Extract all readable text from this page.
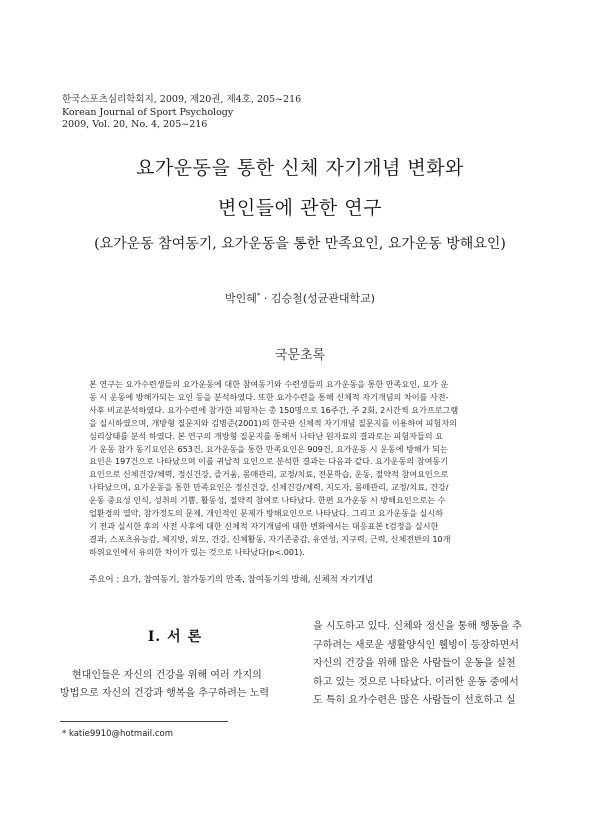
한국스포츠심리학회지, 2009, 제20권, 제4호, 205~216
Korean Journal of Sport Psychology
2009, Vol. 20, No. 4, 205~216
요가운동을 통한 신체 자기개념 변화와
변인들에 관한 연구
(요가운동 참여동기, 요가운동을 통한 만족요인, 요가운동 방해요인)
박인혜* · 김승철(성균관대학교)
국문초록
본 연구는 요가수련생들의 요가운동에 대한 참여동기와 수련생들의 요가운동을 통한 만족요인, 요가 운
동 시 운동에 방해가되는 요인 등을 분석하였다. 또한 요가수련을 통해 신체적 자기개념의 차이를 사전-
사후 비교분석하였다. 요가수련에 참가한 피험자는 총 150명으로 16주간, 주 2회, 2시간씩 요가프로그램
을 실시하였으며, 개방형 질문지와 김병준(2001)의 한국판 신체적 자기개념 질문지를 이용하여 피험자의
심리상태를 분석 하였다. 본 연구의 개방형 질문지를 통해서 나타난 원자료의 결과로는 피험자들의 요
가 운동 참가 동기요인은 653건, 요가운동을 통한 만족요인은 909건, 요가운동 시 운동에 방해가 되는
요인은 197건으로 나타났으며 이를 귀납적 요인으로 분석한 결과는 다음과 같다. 요가운동의 참여동기
요인으로 신체건강/체력, 정신건강, 즐거움, 몸매관리, 교정/치료, 전문학습, 운동, 절약적 참여요인으로
나타났으며, 요가운동을 통한 만족요인은 정신건강, 신체건강/체력, 지도자, 몸매관리, 교정/치료, 건강/
운동 중요성 인식, 성취의 기쁨, 활동성, 절약적 참여로 나타났다. 한편 요가운동 시 방해요인으로는 수
업환경의 열악, 참가정도의 문제, 개인적인 문제가 방해요인으로 나타났다. 그리고 요가운동을 실시하
기 전과 실시한 후의 사전 사후에 대한 신체적 자기개념에 대한 변화에서는 대응표본 t검정을 실시한
결과, 스포츠유능감, 체지방, 외모, 건강, 신체활동, 자기존중감, 유연성, 지구력, 근력, 신체전반의 10개
하위요인에서 유의한 차이가 있는 것으로 나타났다(p<.001).
주요어 : 요가, 참여동기, 참가동기의 만족, 참여동기의 방해, 신체적 자기개념
I. 서 론
현대인들은 자신의 건강을 위해 여러 가지의
방법으로 자신의 건강과 행복을 추구하려는 노력
을 시도하고 있다. 신체와 정신을 통해 행동을 추
구하려는 새로운 생활양식인 웰빙이 등장하면서
자신의 건강을 위해 많은 사람들이 운동을 실천
하고 있는 것으로 나타났다. 이러한 운동 중에서
도 특히 요가수련은 많은 사람들이 선호하고 실
* katie9910@hotmail.com
